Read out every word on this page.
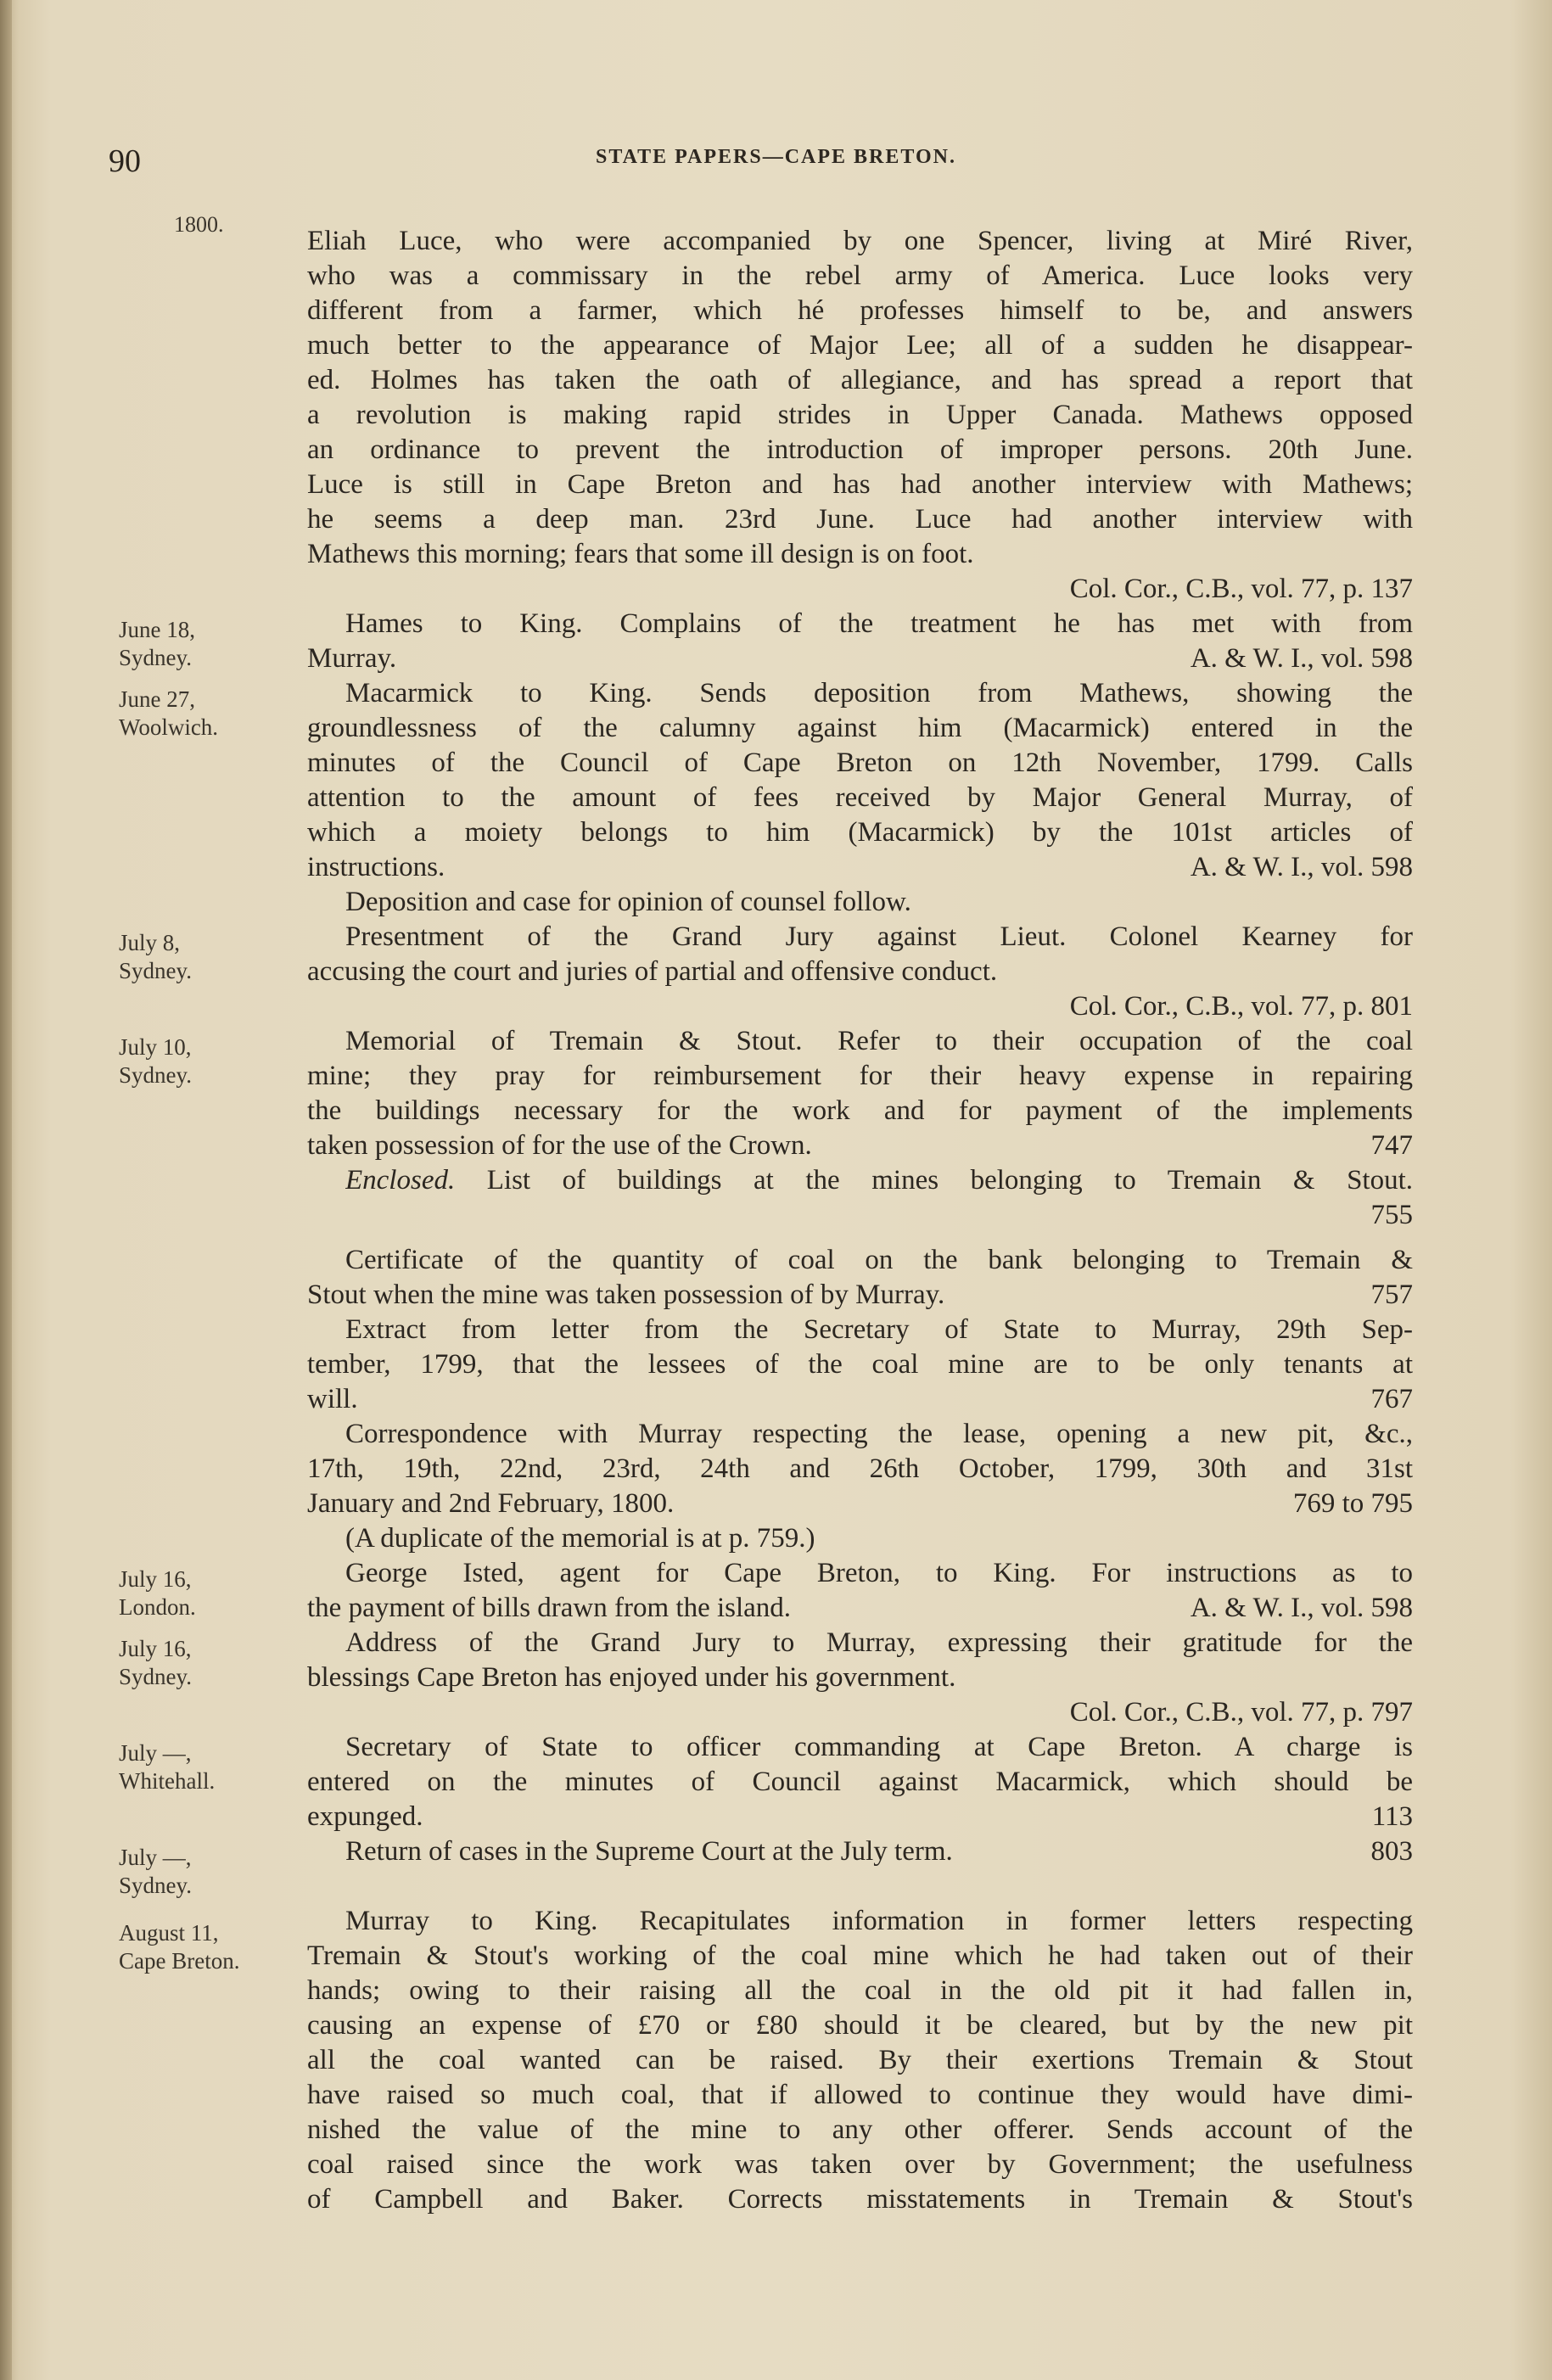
90	STATE PAPERS—CAPE BRETON.
1800.
Eliah Luce, who were accompanied by one Spencer, living at Miré River,
who was a commissary in the rebel army of America. Luce looks very
different from a farmer, which hé professes himself to be, and answers
much better to the appearance of Major Lee; all of a sudden he disappear-
ed. Holmes has taken the oath of allegiance, and has spread a report that
a revolution is making rapid strides in Upper Canada. Mathews opposed
an ordinance to prevent the introduction of improper persons. 20th June.
Luce is still in Cape Breton and has had another interview with Mathews;
he seems a deep man. 23rd June. Luce had another interview with
Mathews this morning; fears that some ill design is on foot.
Col. Cor., C.B., vol. 77, p. 137
June 18,
Sydney.
Hames to King. Complains of the treatment he has met with from
Murray.	A. & W. I., vol. 598
June 27,
Woolwich.
Macarmick to King. Sends deposition from Mathews, showing the
groundlessness of the calumny against him (Macarmick) entered in the
minutes of the Council of Cape Breton on 12th November, 1799. Calls
attention to the amount of fees received by Major General Murray, of
which a moiety belongs to him (Macarmick) by the 101st articles of
instructions.	A. & W. I., vol. 598
Deposition and case for opinion of counsel follow.
July 8,
Sydney.
Presentment of the Grand Jury against Lieut. Colonel Kearney for
accusing the court and juries of partial and offensive conduct.
Col. Cor., C.B., vol. 77, p. 801
July 10,
Sydney.
Memorial of Tremain & Stout. Refer to their occupation of the coal
mine; they pray for reimbursement for their heavy expense in repairing
the buildings necessary for the work and for payment of the implements
taken possession of for the use of the Crown.	747
Enclosed. List of buildings at the mines belonging to Tremain & Stout.
755
Certificate of the quantity of coal on the bank belonging to Tremain &
Stout when the mine was taken possession of by Murray.	757
Extract from letter from the Secretary of State to Murray, 29th Sep-
tember, 1799, that the lessees of the coal mine are to be only tenants at
will.	767
Correspondence with Murray respecting the lease, opening a new pit, &c.,
17th, 19th, 22nd, 23rd, 24th and 26th October, 1799, 30th and 31st
January and 2nd February, 1800.	769 to 795
(A duplicate of the memorial is at p. 759.)
July 16,
London.
George Isted, agent for Cape Breton, to King. For instructions as to
the payment of bills drawn from the island.	A. & W. I., vol. 598
July 16,
Sydney.
Address of the Grand Jury to Murray, expressing their gratitude for the
blessings Cape Breton has enjoyed under his government.
Col. Cor., C.B., vol. 77, p. 797
July —,
Whitehall.
Secretary of State to officer commanding at Cape Breton. A charge is
entered on the minutes of Council against Macarmick, which should be
expunged.	113
July —,
Sydney.
Return of cases in the Supreme Court at the July term.	803
August 11,
Cape Breton.
Murray to King. Recapitulates information in former letters respecting
Tremain & Stout's working of the coal mine which he had taken out of their
hands; owing to their raising all the coal in the old pit it had fallen in,
causing an expense of £70 or £80 should it be cleared, but by the new pit
all the coal wanted can be raised. By their exertions Tremain & Stout
have raised so much coal, that if allowed to continue they would have dimi-
nished the value of the mine to any other offerer. Sends account of the
coal raised since the work was taken over by Government; the usefulness
of Campbell and Baker. Corrects misstatements in Tremain & Stout's
